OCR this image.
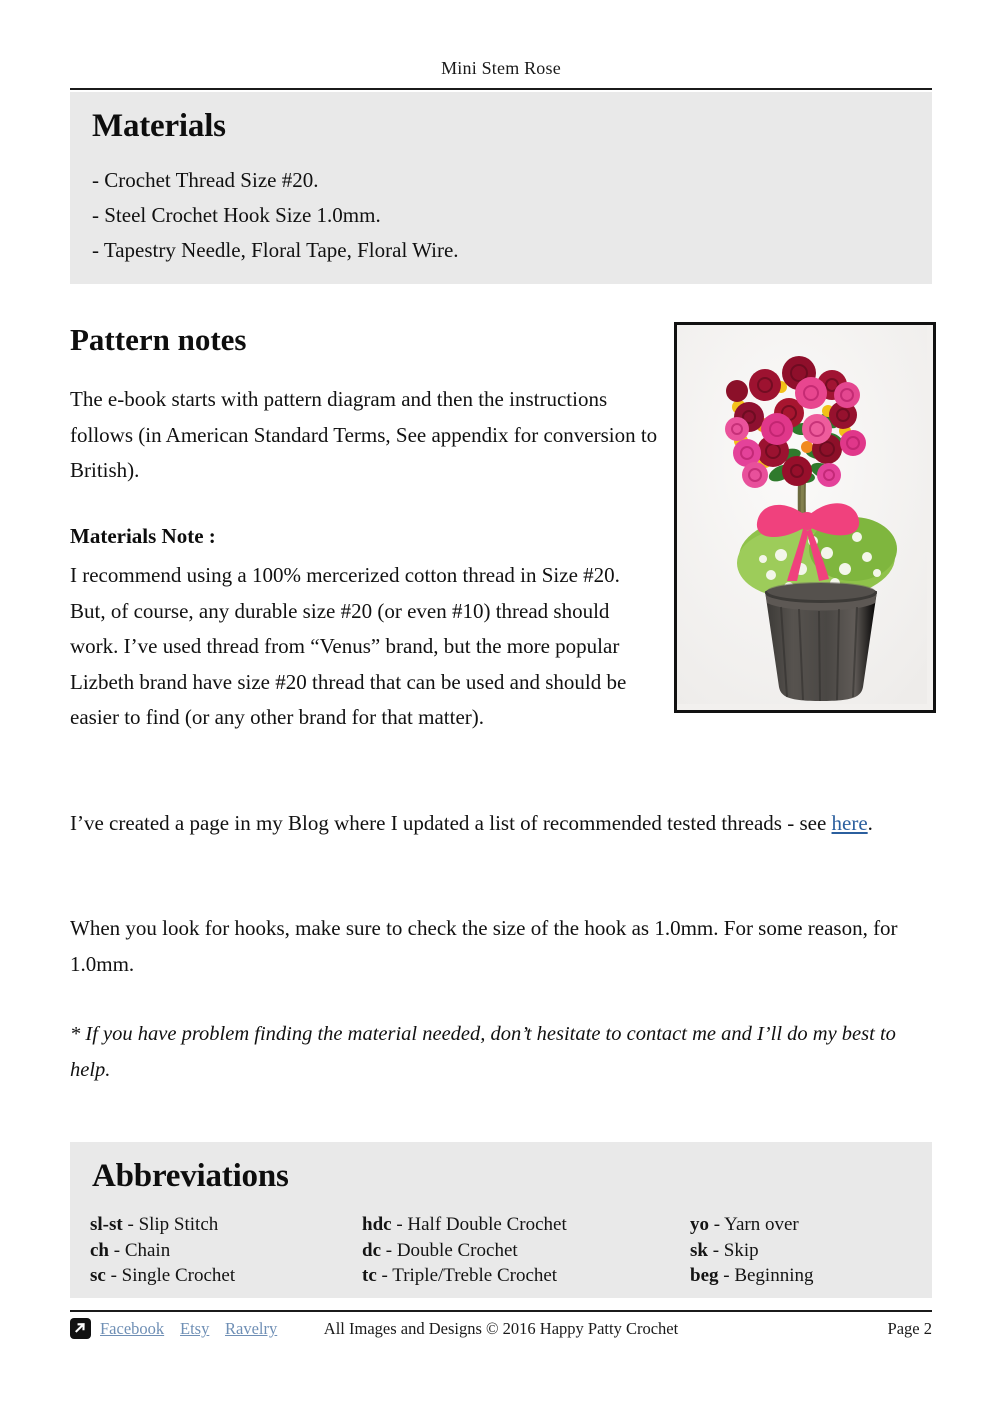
Mini Stem Rose
Materials
- Crochet Thread Size #20.
- Steel Crochet Hook Size 1.0mm.
- Tapestry Needle, Floral Tape, Floral Wire.
Pattern notes
The e-book starts with pattern diagram and then the instructions follows (in American Standard Terms, See appendix for conversion to British).
Materials Note :
I recommend using a 100% mercerized cotton thread in Size #20. But, of course, any durable size #20 (or even #10) thread should work. I’ve used thread from “Venus” brand, but the more popular Lizbeth brand have size #20 thread that can be used and should be easier to find (or any other brand for that matter).
I’ve created a page in my Blog where I updated a list of recommended tested threads - see here.
When you look for hooks, make sure to check the size of the hook as 1.0mm. For some reason, for 1.0mm.
* If you have problem finding the material needed, don’t hesitate to contact me and I’ll do my best to help.
Abbreviations
sl-st - Slip Stitch
ch - Chain
sc - Single Crochet
hdc - Half Double Crochet
dc - Double Crochet
tc - Triple/Treble Crochet
yo - Yarn over
sk - Skip
beg - Beginning
Facebook Etsy Ravelry	All Images and Designs © 2016 Happy Patty Crochet	Page 2
